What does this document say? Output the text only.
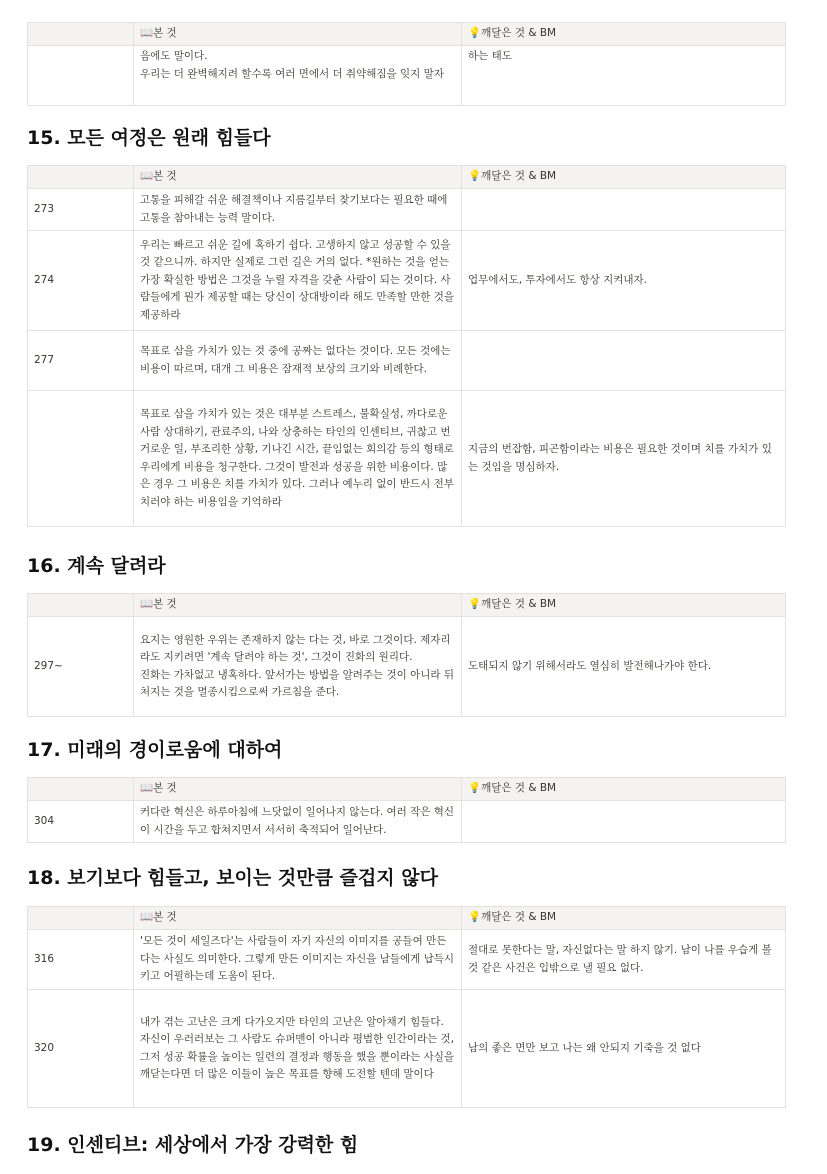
	📖본 것	💡깨달은 것 & BM
	음에도 말이다.
우리는 더 완벽해지려 할수록 여러 면에서 더 취약해짐을 잊지 말자	하는 태도
15. 모든 여정은 원래 힘들다
	📖본 것	💡깨달은 것 & BM
273	고통을 피해갈 쉬운 해결책이나 지름길부터 찾기보다는 필요한 때에 고통을 참아내는 능력 말이다.	
274	우리는 빠르고 쉬운 길에 혹하기 쉽다. 고생하지 않고 성공할 수 있을 것 같으니까. 하지만 실제로 그런 길은 거의 없다. *원하는 것을 얻는 가장 확실한 방법은 그것을 누릴 자격을 갖춘 사람이 되는 것이다. 사람들에게 뭔가 제공할 때는 당신이 상대방이라 해도 만족할 만한 것을 제공하라	업무에서도, 투자에서도 항상 지켜내자.
277	목표로 삼을 가치가 있는 것 중에 공짜는 없다는 것이다. 모든 것에는 비용이 따르며, 대개 그 비용은 잠재적 보상의 크기와 비례한다.	
	목표로 삼을 가치가 있는 것은 대부분 스트레스, 불확실성, 까다로운 사람 상대하기, 관료주의, 나와 상충하는 타인의 인센티브, 귀찮고 번거로운 일, 부조리한 상황, 기나긴 시간, 끝임없는 회의감 등의 형태로 우리에게 비용을 청구한다. 그것이 발전과 성공을 위한 비용이다. 많은 경우 그 비용은 치를 가치가 있다. 그러나 예누리 없이 반드시 전부 치러야 하는 비용임을 기억하라	지금의 번잡함, 피곤함이라는 비용은 필요한 것이며 치를 가치가 있는 것임을 명심하자.
16. 계속 달려라
	📖본 것	💡깨달은 것 & BM
297~	요지는 영원한 우위는 존재하지 않는 다는 것, 바로 그것이다. 제자리라도 지키려면 '계속 달려야 하는 것', 그것이 진화의 원리다.
진화는 가차없고 냉혹하다. 앞서가는 방법을 알려주는 것이 아니라 뒤처지는 것을 멸종시킴으로써 가르침을 준다.	도태되지 않기 위해서라도 열심히 발전해나가야 한다.
17. 미래의 경이로움에 대하여
	📖본 것	💡깨달은 것 & BM
304	커다란 혁신은 하루아침에 느닷없이 일어나지 않는다. 여러 작은 혁신이 시간을 두고 합쳐지면서 서서히 축적되어 일어난다.	
18. 보기보다 힘들고, 보이는 것만큼 즐겁지 않다
	📖본 것	💡깨달은 것 & BM
316	'모든 것이 세일즈다'는 사람들이 자기 자신의 이미지를 공들여 만든다는 사실도 의미한다. 그렇게 만든 이미지는 자신을 남들에게 납득시키고 어필하는데 도움이 된다.	절대로 못한다는 말, 자신없다는 말 하지 않기. 남이 나를 우습게 볼 것 같은 사건은 입밖으로 낼 필요 없다.
320	내가 겪는 고난은 크게 다가오지만 타인의 고난은 알아채기 힘들다.
자신이 우러러보는 그 사람도 슈퍼맨이 아니라 평범한 인간이라는 것, 그저 성공 확률을 높이는 일련의 결정과 행동을 했을 뿐이라는 사실을 깨닫는다면 더 많은 이들이 높은 목표를 향해 도전할 텐데 말이다	남의 좋은 면만 보고 나는 왜 안되지 기죽을 것 없다
19. 인센티브: 세상에서 가장 강력한 힘
